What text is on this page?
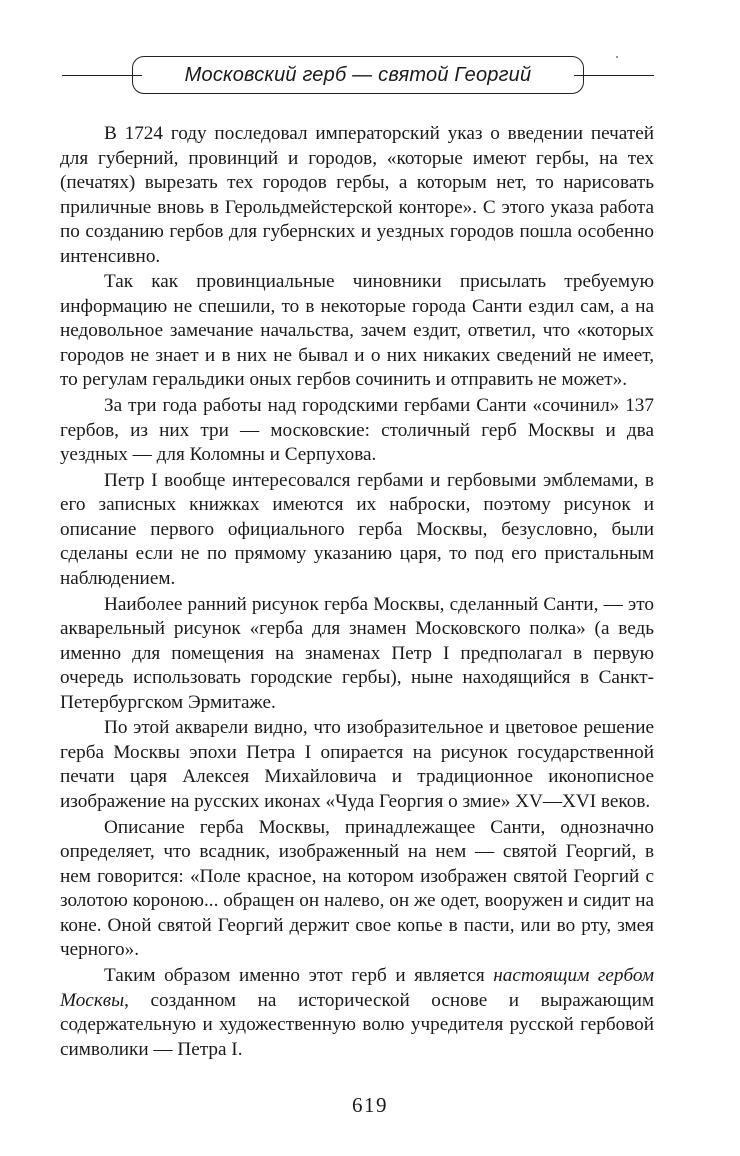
Московский герб — святой Георгий

В 1724 году последовал императорский указ о введении печатей для губерний, провинций и городов, «которые имеют гербы, на тех (печатях) вырезать тех городов гербы, а которым нет, то нарисовать приличные вновь в Герольдмейстерской конторе». С этого указа работа по созданию гербов для губернских и уездных городов пошла особенно интенсивно.

Так как провинциальные чиновники присылать требуемую информацию не спешили, то в некоторые города Санти ездил сам, а на недовольное замечание начальства, зачем ездит, ответил, что «которых городов не знает и в них не бывал и о них никаких сведений не имеет, то регулам геральдики оных гербов сочинить и отправить не может».

За три года работы над городскими гербами Санти «сочинил» 137 гербов, из них три — московские: столичный герб Москвы и два уездных — для Коломны и Серпухова.

Петр I вообще интересовался гербами и гербовыми эмблемами, в его записных книжках имеются их наброски, поэтому рисунок и описание первого официального герба Москвы, безусловно, были сделаны если не по прямому указанию царя, то под его пристальным наблюдением.

Наиболее ранний рисунок герба Москвы, сделанный Санти, — это акварельный рисунок «герба для знамен Московского полка» (а ведь именно для помещения на знаменах Петр I предполагал в первую очередь использовать городские гербы), ныне находящийся в Санкт-Петербургском Эрмитаже.

По этой акварели видно, что изобразительное и цветовое решение герба Москвы эпохи Петра I опирается на рисунок государственной печати царя Алексея Михайловича и традиционное иконописное изображение на русских иконах «Чуда Георгия о змие» XV—XVI веков.

Описание герба Москвы, принадлежащее Санти, однозначно определяет, что всадник, изображенный на нем — святой Георгий, в нем говорится: «Поле красное, на котором изображен святой Георгий с золотою короною... обращен он налево, он же одет, вооружен и сидит на коне. Оной святой Георгий держит свое копье в пасти, или во рту, змея черного».

Таким образом именно этот герб и является настоящим гербом Москвы, созданном на исторической основе и выражающим содержательную и художественную волю учредителя русской гербовой символики — Петра I.

619
